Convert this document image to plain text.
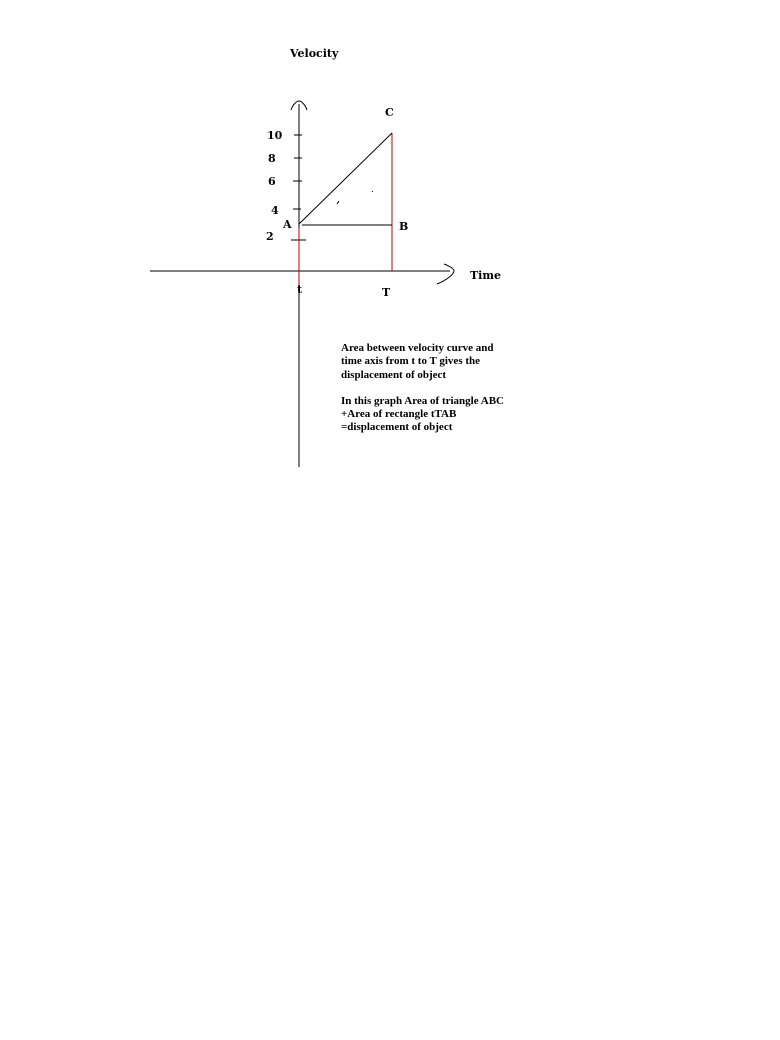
Velocity
Time
10
8
6
4
2
t	T
A	B
C

Area between velocity curve and

time axis from t to T gives the

displacement of object

In this graph Area of triangle ABC

+Area of rectangle tTAB

=displacement of object
